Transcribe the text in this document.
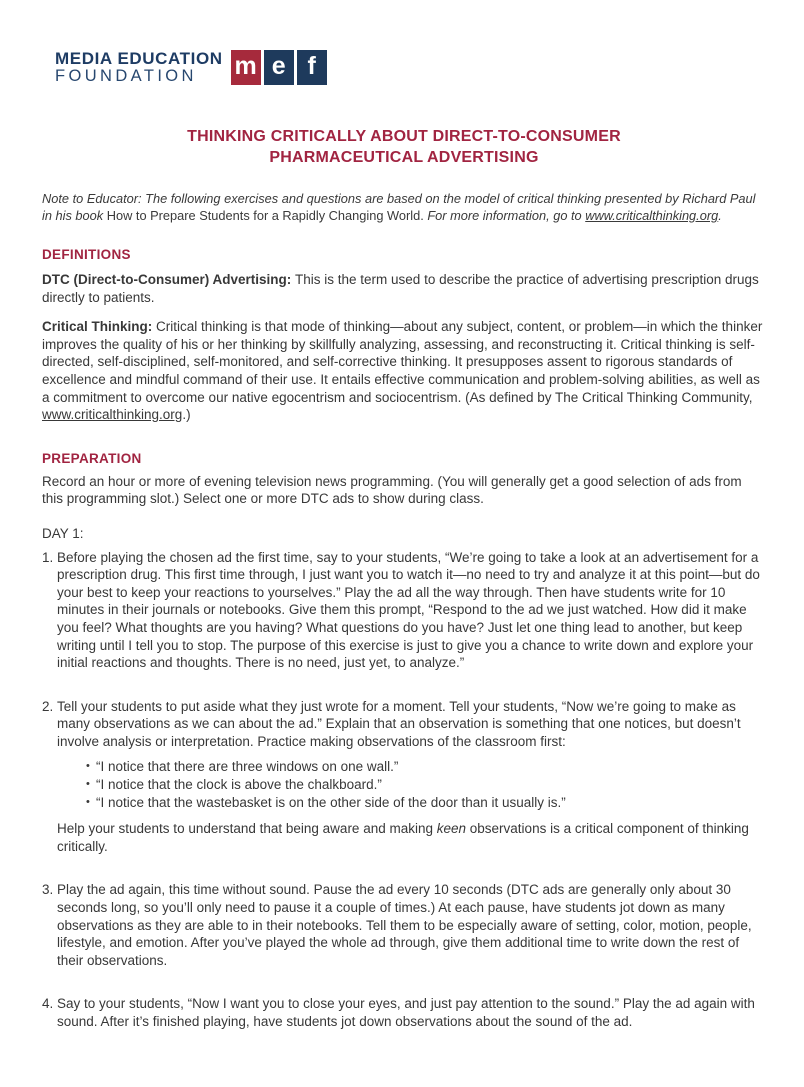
MEDIA EDUCATION
FOUNDATION	m e f
THINKING CRITICALLY ABOUT DIRECT-TO-CONSUMER
PHARMACEUTICAL ADVERTISING

Note to Educator: The following exercises and questions are based on the model of critical thinking presented by Richard Paul
in his book How to Prepare Students for a Rapidly Changing World. For more information, go to www.criticalthinking.org.

DEFINITIONS

DTC (Direct-to-Consumer) Advertising: This is the term used to describe the practice of advertising prescription drugs directly to patients.

Critical Thinking: Critical thinking is that mode of thinking—about any subject, content, or problem—in which the thinker improves the quality of his or her thinking by skillfully analyzing, assessing, and reconstructing it. Critical thinking is self-directed, self-disciplined, self-monitored, and self-corrective thinking. It presupposes assent to rigorous standards of excellence and mindful command of their use. It entails effective communication and problem-solving abilities, as well as a commitment to overcome our native egocentrism and sociocentrism. (As defined by The Critical Thinking Community, www.criticalthinking.org.)

PREPARATION

Record an hour or more of evening television news programming. (You will generally get a good selection of ads from this programming slot.) Select one or more DTC ads to show during class.

DAY 1:

1. Before playing the chosen ad the first time, say to your students, “We’re going to take a look at an advertisement for a prescription drug. This first time through, I just want you to watch it—no need to try and analyze it at this point—but do your best to keep your reactions to yourselves.” Play the ad all the way through. Then have students write for 10 minutes in their journals or notebooks. Give them this prompt, “Respond to the ad we just watched. How did it make you feel? What thoughts are you having? What questions do you have? Just let one thing lead to another, but keep writing until I tell you to stop. The purpose of this exercise is just to give you a chance to write down and explore your initial reactions and thoughts. There is no need, just yet, to analyze.”
2. Tell your students to put aside what they just wrote for a moment. Tell your students, “Now we’re going to make as many observations as we can about the ad.” Explain that an observation is something that one notices, but doesn’t involve analysis or interpretation. Practice making observations of the classroom first:
• “I notice that there are three windows on one wall.”
• “I notice that the clock is above the chalkboard.”
• “I notice that the wastebasket is on the other side of the door than it usually is.”

Help your students to understand that being aware and making keen observations is a critical component of thinking critically.

3. Play the ad again, this time without sound. Pause the ad every 10 seconds (DTC ads are generally only about 30 seconds long, so you’ll only need to pause it a couple of times.) At each pause, have students jot down as many observations as they are able to in their notebooks. Tell them to be especially aware of setting, color, motion, people, lifestyle, and emotion. After you’ve played the whole ad through, give them additional time to write down the rest of their observations.
4. Say to your students, “Now I want you to close your eyes, and just pay attention to the sound.” Play the ad again with sound. After it’s finished playing, have students jot down observations about the sound of the ad.
